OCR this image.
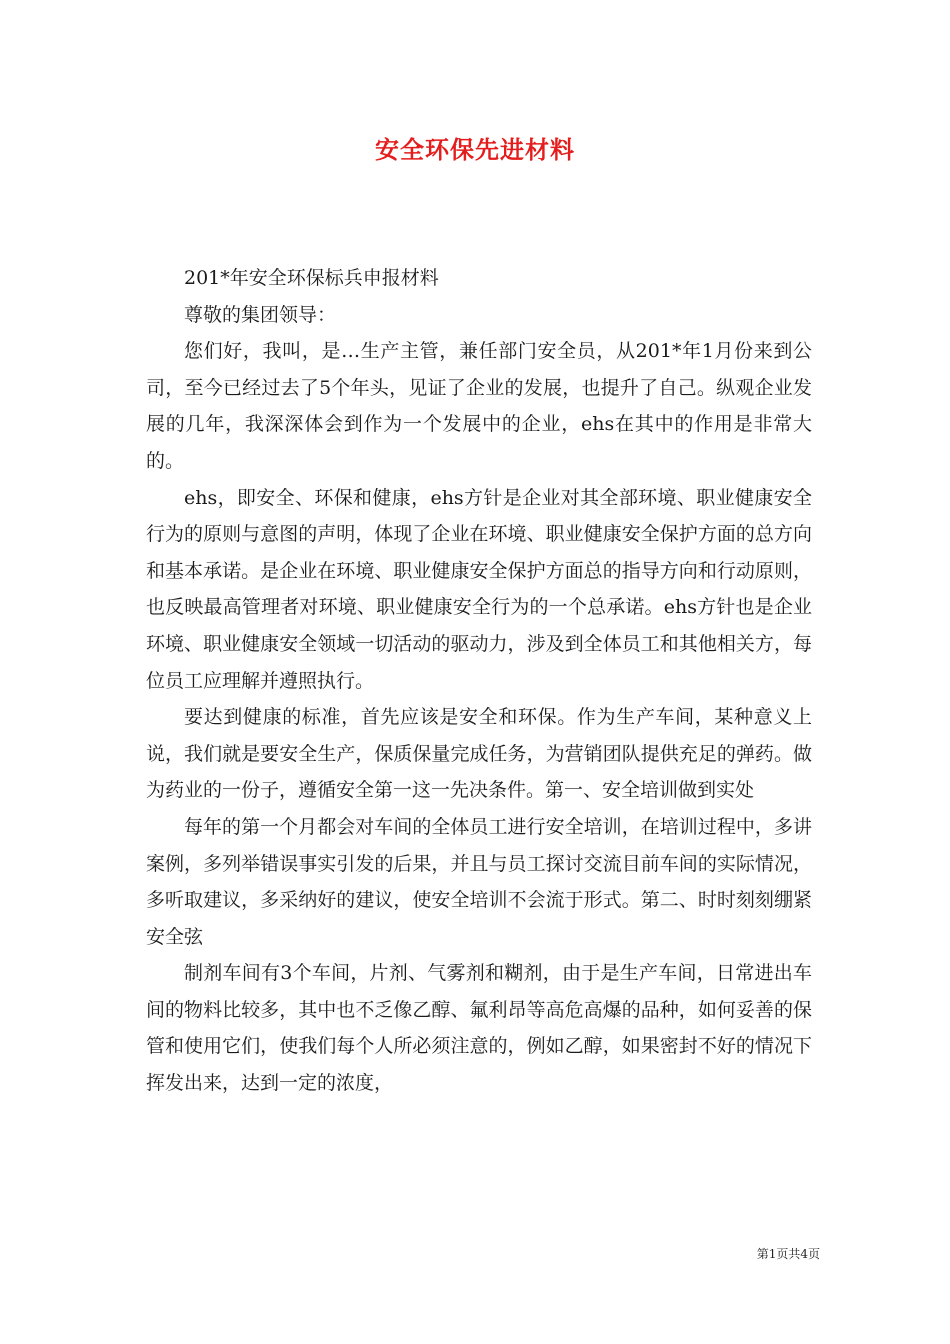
安全环保先进材料

201*年安全环保标兵申报材料

尊敬的集团领导：

您们好，我叫，是…生产主管，兼任部门安全员，从201*年1月份来到公司，至今已经过去了5个年头，见证了企业的发展，也提升了自己。纵观企业发展的几年，我深深体会到作为一个发展中的企业，ehs在其中的作用是非常大的。

ehs，即安全、环保和健康，ehs方针是企业对其全部环境、职业健康安全行为的原则与意图的声明，体现了企业在环境、职业健康安全保护方面的总方向和基本承诺。是企业在环境、职业健康安全保护方面总的指导方向和行动原则，也反映最高管理者对环境、职业健康安全行为的一个总承诺。ehs方针也是企业环境、职业健康安全领域一切活动的驱动力，涉及到全体员工和其他相关方，每位员工应理解并遵照执行。

要达到健康的标准，首先应该是安全和环保。作为生产车间，某种意义上说，我们就是要安全生产，保质保量完成任务，为营销团队提供充足的弹药。做为药业的一份子，遵循安全第一这一先决条件。第一、安全培训做到实处

每年的第一个月都会对车间的全体员工进行安全培训，在培训过程中，多讲案例，多列举错误事实引发的后果，并且与员工探讨交流目前车间的实际情况，多听取建议，多采纳好的建议，使安全培训不会流于形式。第二、时时刻刻绷紧安全弦

制剂车间有3个车间，片剂、气雾剂和糊剂，由于是生产车间，日常进出车间的物料比较多，其中也不乏像乙醇、氟利昂等高危高爆的品种，如何妥善的保管和使用它们，使我们每个人所必须注意的，例如乙醇，如果密封不好的情况下挥发出来，达到一定的浓度，

第1页共4页
